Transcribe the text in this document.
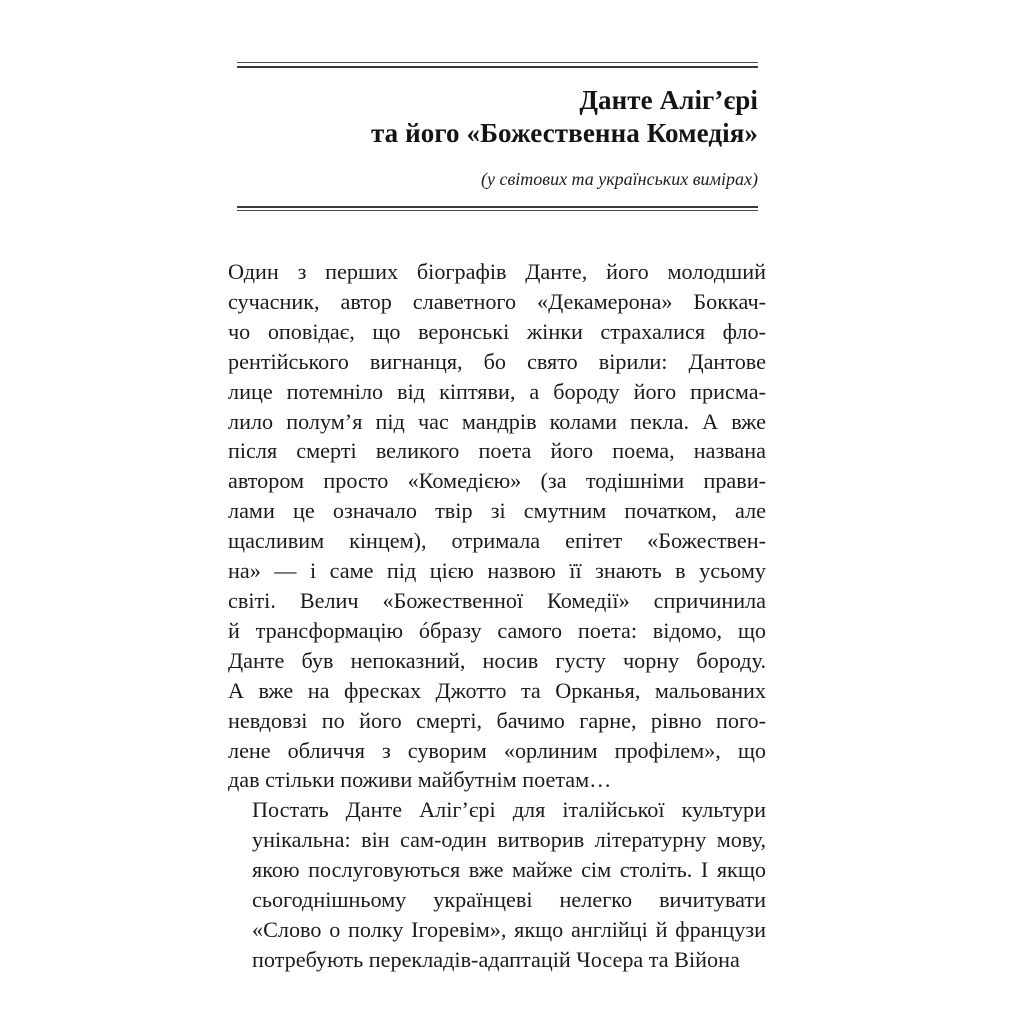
Данте Аліг’єрі
та його «Божественна Комедія»

(у світових та українських вимірах)

Один з перших біографів Данте, його молодший
сучасник, автор славетного «Декамерона» Боккач-
чо оповідає, що веронські жінки страхалися фло-
рентійського вигнанця, бо свято вірили: Дантове
лице потемніло від кіптяви, а бороду його присма-
лило полум’я під час мандрів колами пекла. А вже
після смерті великого поета його поема, названа
автором просто «Комедією» (за тодішніми прави-
лами це означало твір зі смутним початком, але
щасливим кінцем), отримала епітет «Божествен-
на» — і саме під цією назвою її знають в усьому
світі. Велич «Божественної Комедії» спричинила
й трансформацію óбразу самого поета: відомо, що
Данте був непоказний, носив густу чорну бороду.
А вже на фресках Джотто та Орканья, мальованих
невдовзі по його смерті, бачимо гарне, рівно пого-
лене обличчя з суворим «орлиним профілем», що
дав стільки поживи майбутнім поетам…

Постать Данте Аліг’єрі для італійської культури
унікальна: він сам-один витворив літературну мову,
якою послуговуються вже майже сім століть. І якщо
сьогоднішньому українцеві нелегко вичитувати
«Слово о полку Ігоревім», якщо англійці й французи
потребують перекладів-адаптацій Чосера та Війона
